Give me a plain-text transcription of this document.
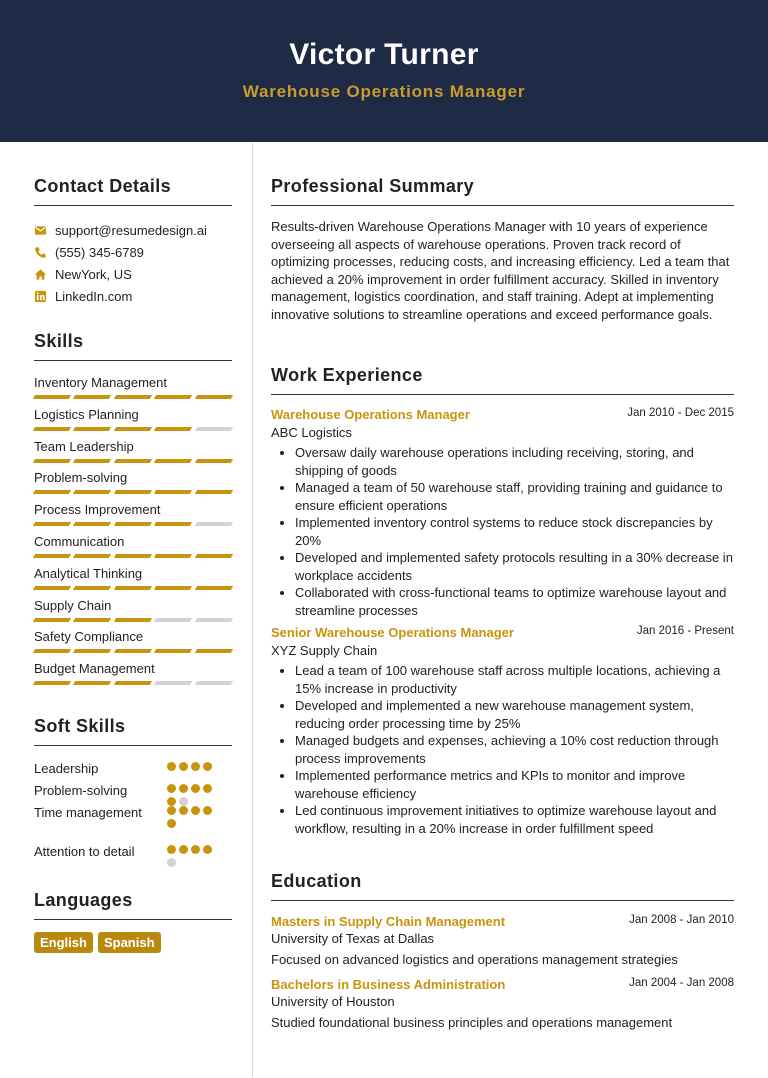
Victor Turner
Warehouse Operations Manager
Contact Details
support@resumedesign.ai
(555) 345-6789
NewYork, US
LinkedIn.com
Skills
Inventory Management
Logistics Planning
Team Leadership
Problem-solving
Process Improvement
Communication
Analytical Thinking
Supply Chain
Safety Compliance
Budget Management
Soft Skills
Leadership
Problem-solving
Time management
Attention to detail
Languages
English	Spanish
Professional Summary

Results-driven Warehouse Operations Manager with 10 years of experience overseeing all aspects of warehouse operations. Proven track record of optimizing processes, reducing costs, and increasing efficiency. Led a team that achieved a 20% improvement in order fulfillment accuracy. Skilled in inventory management, logistics coordination, and staff training. Adept at implementing innovative solutions to streamline operations and exceed performance goals.

Work Experience
Warehouse Operations Manager	Jan 2010 - Dec 2015
ABC Logistics
• Oversaw daily warehouse operations including receiving, storing, and shipping of goods
• Managed a team of 50 warehouse staff, providing training and guidance to ensure efficient operations
• Implemented inventory control systems to reduce stock discrepancies by 20%
• Developed and implemented safety protocols resulting in a 30% decrease in workplace accidents
• Collaborated with cross-functional teams to optimize warehouse layout and streamline processes
Senior Warehouse Operations Manager	Jan 2016 - Present
XYZ Supply Chain
• Lead a team of 100 warehouse staff across multiple locations, achieving a 15% increase in productivity
• Developed and implemented a new warehouse management system, reducing order processing time by 25%
• Managed budgets and expenses, achieving a 10% cost reduction through process improvements
• Implemented performance metrics and KPIs to monitor and improve warehouse efficiency
• Led continuous improvement initiatives to optimize warehouse layout and workflow, resulting in a 20% increase in order fulfillment speed
Education
Masters in Supply Chain Management	Jan 2008 - Jan 2010
University of Texas at Dallas
Focused on advanced logistics and operations management strategies
Bachelors in Business Administration	Jan 2004 - Jan 2008
University of Houston
Studied foundational business principles and operations management
